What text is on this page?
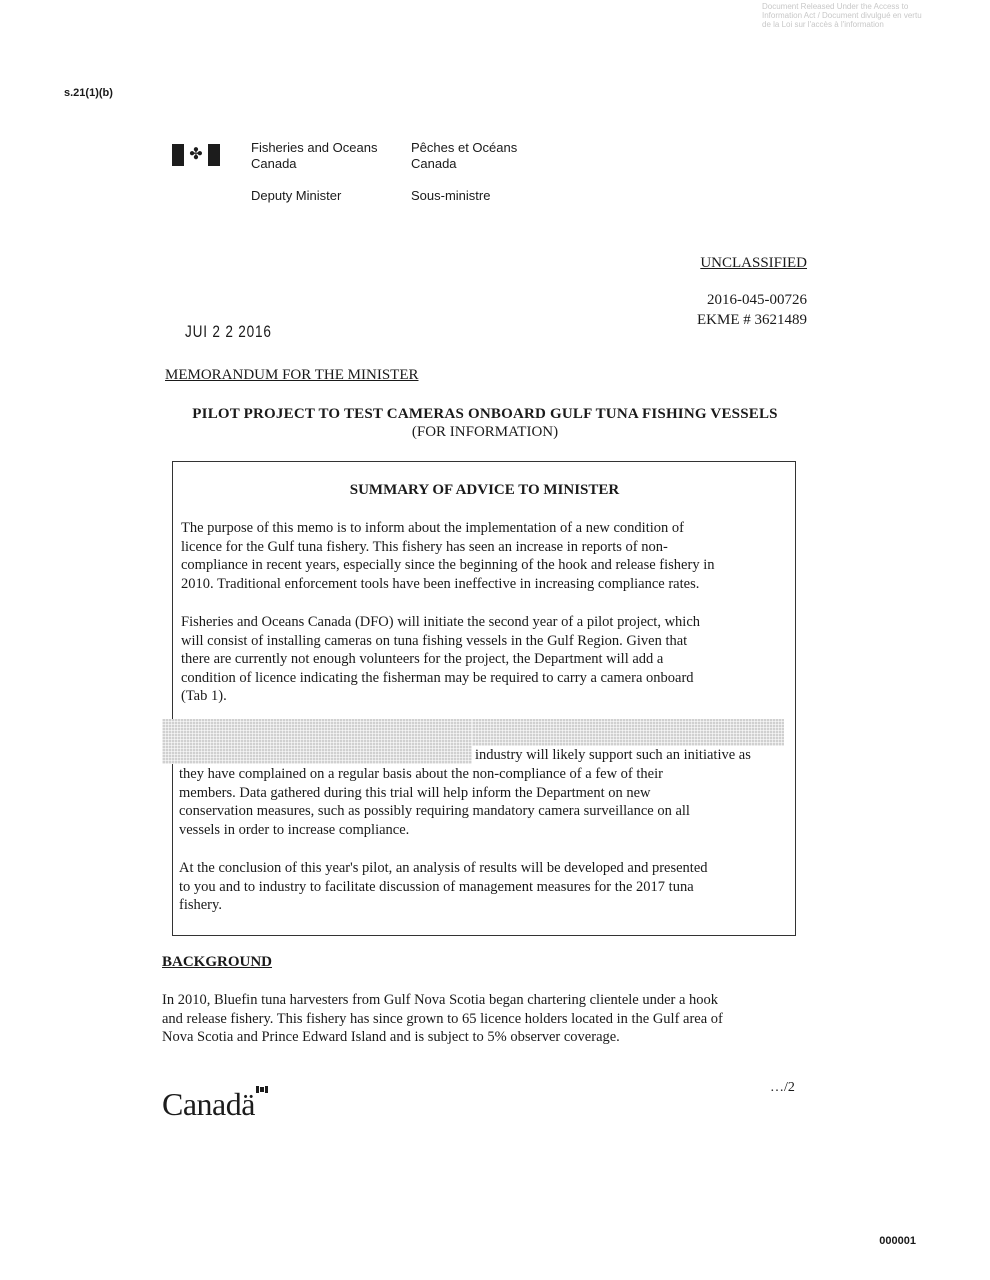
Document Released Under the Access to
Information Act / Document divulgué en vertu
de la Loi sur l'accès à l'information
s.21(1)(b)
✤	Fisheries and Oceans
Canada
Pêches et Océans
Canada
Deputy Minister	Sous-ministre
UNCLASSIFIED
2016-045-00726
EKME # 3621489
JUI 2 2 2016
MEMORANDUM FOR THE MINISTER
PILOT PROJECT TO TEST CAMERAS ONBOARD GULF TUNA FISHING VESSELS
(FOR INFORMATION)
SUMMARY OF ADVICE TO MINISTER
The purpose of this memo is to inform about the implementation of a new condition of
licence for the Gulf tuna fishery. This fishery has seen an increase in reports of non-
compliance in recent years, especially since the beginning of the hook and release fishery in
2010. Traditional enforcement tools have been ineffective in increasing compliance rates.
Fisheries and Oceans Canada (DFO) will initiate the second year of a pilot project, which
will consist of installing cameras on tuna fishing vessels in the Gulf Region. Given that
there are currently not enough volunteers for the project, the Department will add a
condition of licence indicating the fisherman may be required to carry a camera onboard
(Tab 1).
industry will likely support such an initiative as
they have complained on a regular basis about the non-compliance of a few of their
members. Data gathered during this trial will help inform the Department on new
conservation measures, such as possibly requiring mandatory camera surveillance on all
vessels in order to increase compliance.
At the conclusion of this year's pilot, an analysis of results will be developed and presented
to you and to industry to facilitate discussion of management measures for the 2017 tuna
fishery.
BACKGROUND
In 2010, Bluefin tuna harvesters from Gulf Nova Scotia began chartering clientele under a hook
and release fishery. This fishery has since grown to 65 licence holders located in the Gulf area of
Nova Scotia and Prince Edward Island and is subject to 5% observer coverage.
…/2
Canadä
000001
